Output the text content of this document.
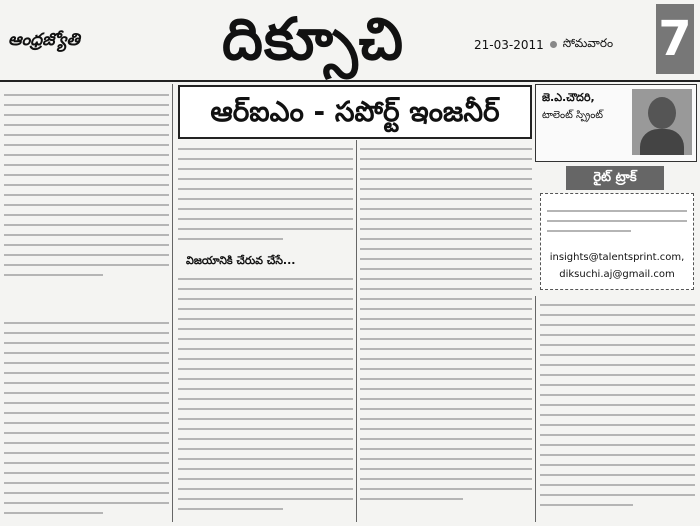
ఆంధ్రజ్యోతి దిక్సూచి	21-03-2011 సోమవారం 7
ఆర్ఐఎం - సపోర్ట్ ఇంజనీర్
విజయానికి చేరువ చేసే...
జె.ఎ.చౌదరి,
టాలెంట్ స్ప్రింట్
రైట్ ట్రాక్
insights@talentsprint.com,
diksuchi.aj@gmail.com
